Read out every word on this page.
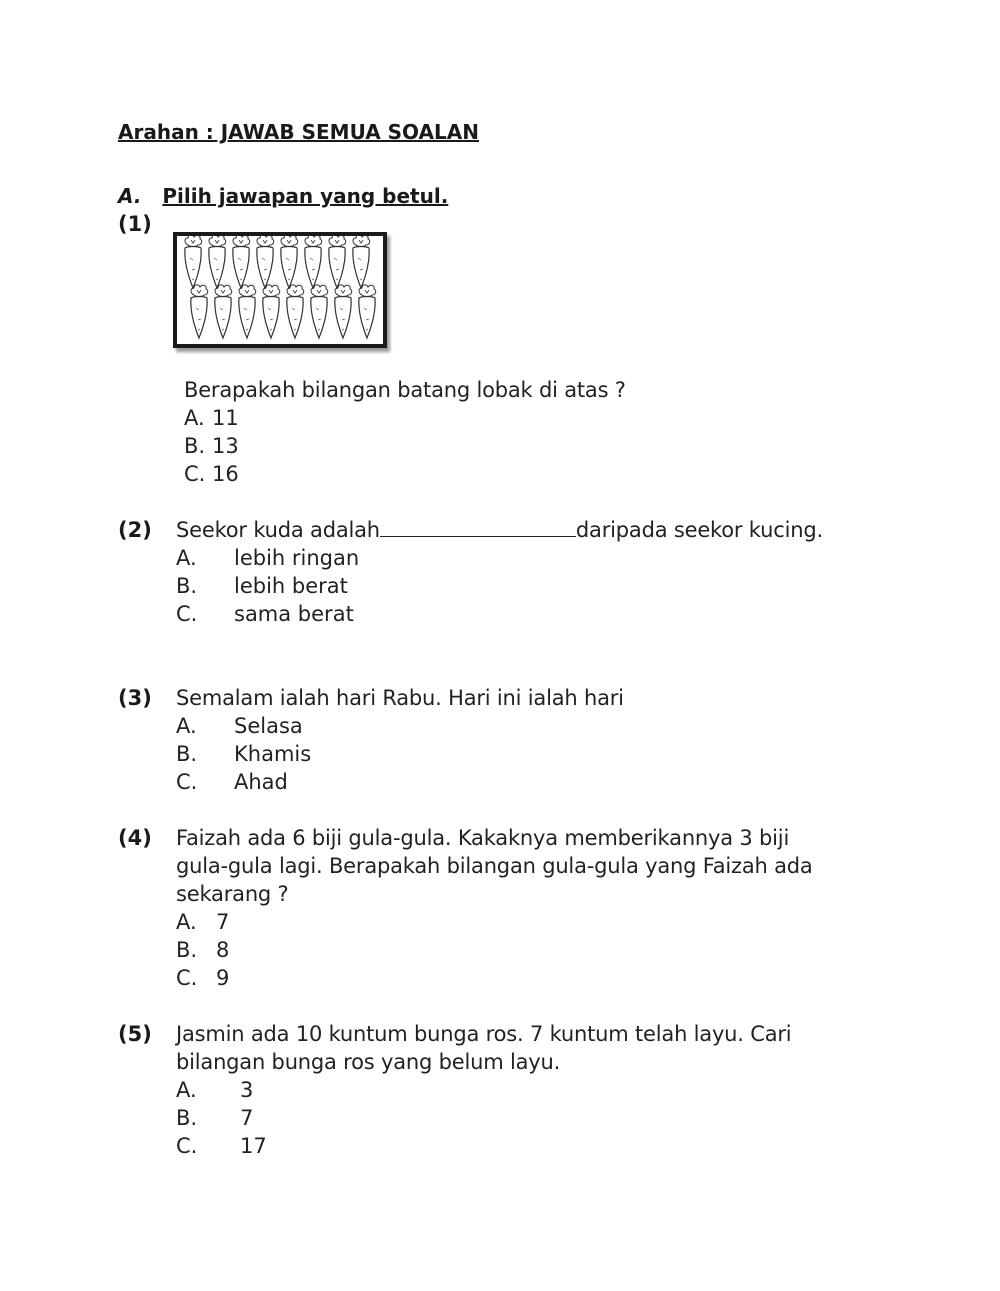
Arahan : JAWAB SEMUA SOALAN
A. Pilih jawapan yang betul.
(1)
Berapakah bilangan batang lobak di atas ?
A. 11
B. 13
C. 16
(2) Seekor kuda adalah	daripada seekor kucing.
A. lebih ringan
B. lebih berat
C. sama berat
(3) Semalam ialah hari Rabu. Hari ini ialah hari
A. Selasa
B. Khamis
C. Ahad
(4) Faizah ada 6 biji gula-gula. Kakaknya memberikannya 3 biji
gula-gula lagi. Berapakah bilangan gula-gula yang Faizah ada
sekarang ?
A. 7
B. 8
C. 9
(5) Jasmin ada 10 kuntum bunga ros. 7 kuntum telah layu. Cari
bilangan bunga ros yang belum layu.
A. 3
B. 7
C. 17
